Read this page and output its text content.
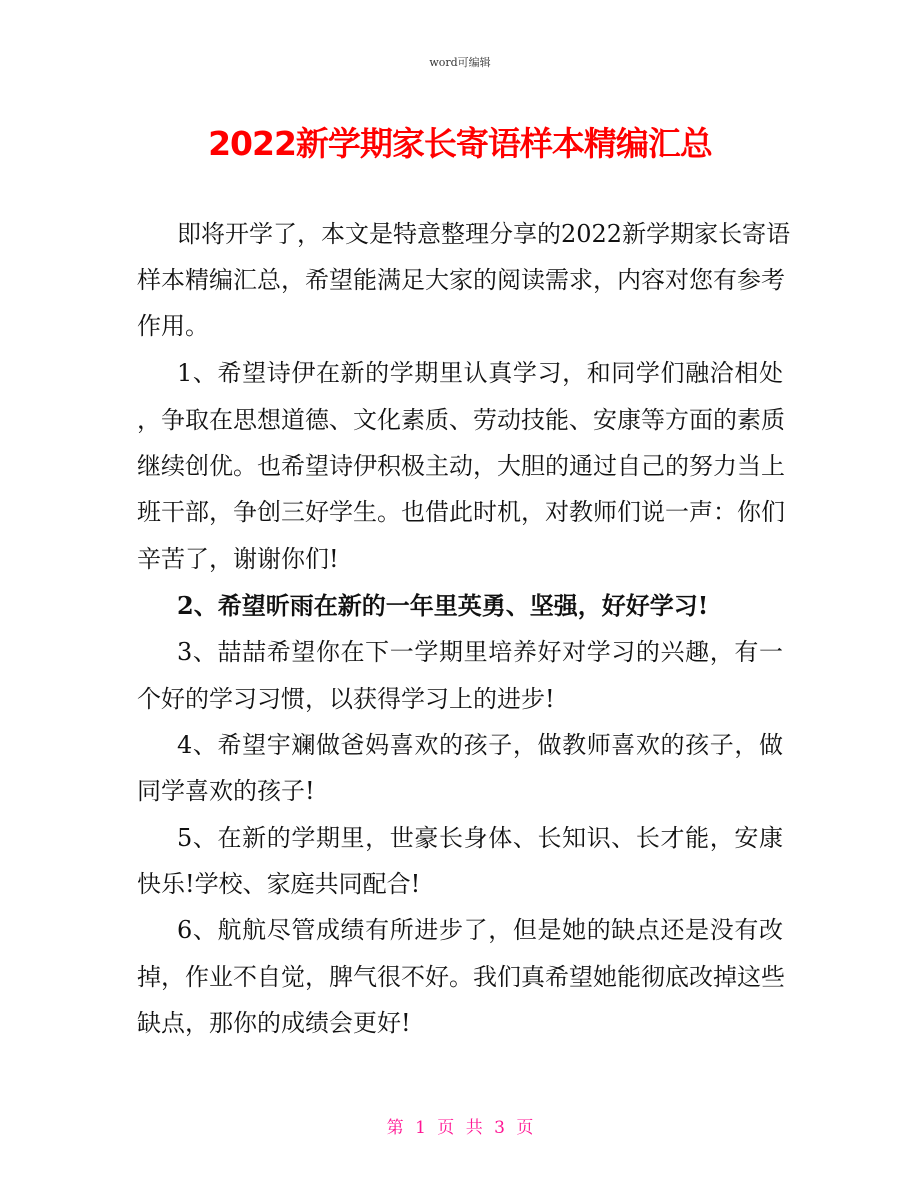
word可编辑
2022新学期家长寄语样本精编汇总
即将开学了，本文是特意整理分享的2022新学期家长寄语
样本精编汇总，希望能满足大家的阅读需求，内容对您有参考
作用。
1、希望诗伊在新的学期里认真学习，和同学们融洽相处
，争取在思想道德、文化素质、劳动技能、安康等方面的素质
继续创优。也希望诗伊积极主动，大胆的通过自己的努力当上
班干部，争创三好学生。也借此时机，对教师们说一声：你们
辛苦了，谢谢你们!
2、希望昕雨在新的一年里英勇、坚强，好好学习!
3、喆喆希望你在下一学期里培养好对学习的兴趣，有一
个好的学习习惯，以获得学习上的进步!
4、希望宇斓做爸妈喜欢的孩子，做教师喜欢的孩子，做
同学喜欢的孩子!
5、在新的学期里，世豪长身体、长知识、长才能，安康
快乐!学校、家庭共同配合!
6、航航尽管成绩有所进步了，但是她的缺点还是没有改
掉，作业不自觉，脾气很不好。我们真希望她能彻底改掉这些
缺点，那你的成绩会更好!
第 1 页 共 3 页
